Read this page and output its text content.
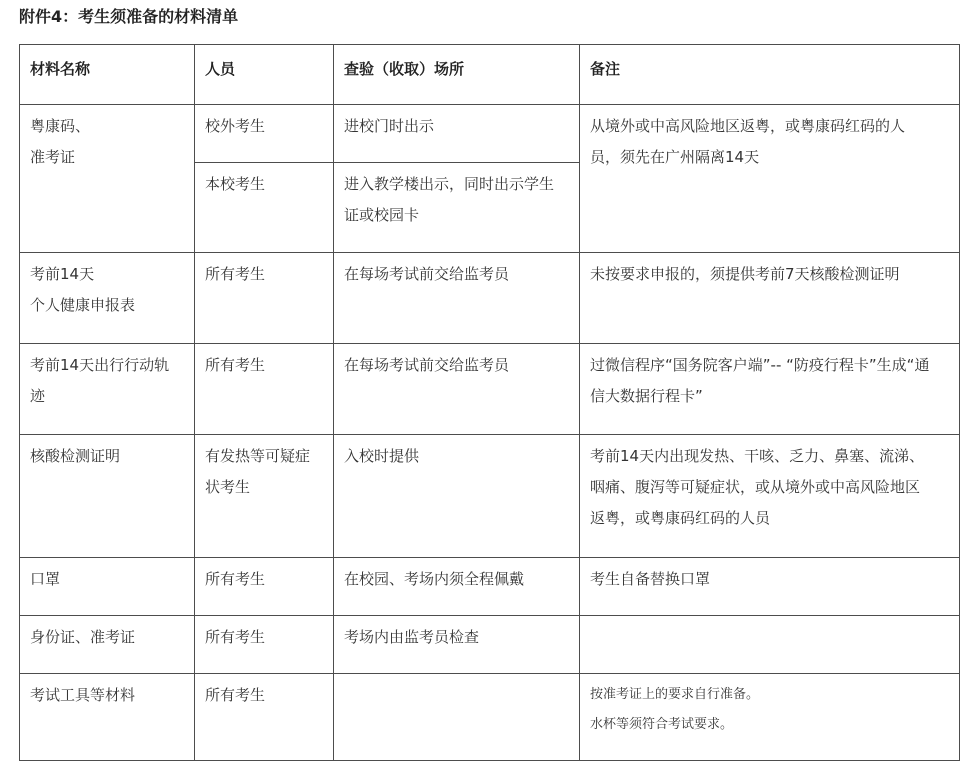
附件4：考生须准备的材料清单
材料名称	人员	查验（收取）场所	备注

粤康码、
准考证	校外考生	进校门时出示	从境外或中高风险地区返粤，或粤康码红码的人
员，须先在广州隔离14天

	本校考生	进入教学楼出示，同时出示学生
证或校园卡	

考前14天
个人健康申报表	所有考生	在每场考试前交给监考员	未按要求申报的，须提供考前7天核酸检测证明

考前14天出行行动轨
迹	所有考生	在每场考试前交给监考员	过微信程序“国务院客户端”-- “防疫行程卡”生成“通
信大数据行程卡”

核酸检测证明	有发热等可疑症
状考生	入校时提供	考前14天内出现发热、干咳、乏力、鼻塞、流涕、
咽痛、腹泻等可疑症状，或从境外或中高风险地区
返粤，或粤康码红码的人员

口罩	所有考生	在校园、考场内须全程佩戴	考生自备替换口罩
身份证、准考证	所有考生	考场内由监考员检查	
考试工具等材料	所有考生		按准考证上的要求自行准备。
水杯等须符合考试要求。
